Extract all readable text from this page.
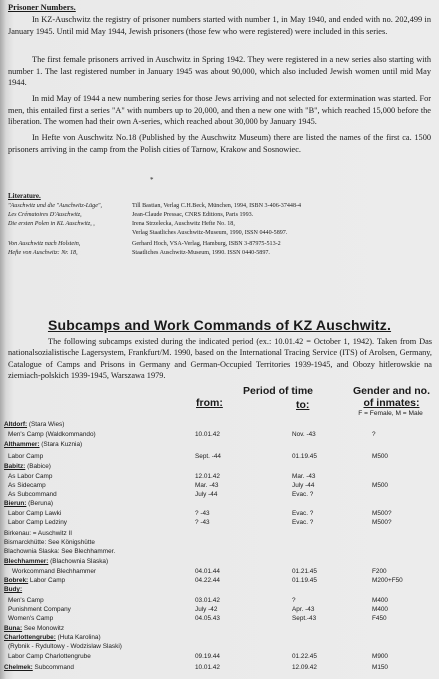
Prisoner Numbers.
In KZ-Auschwitz the registry of prisoner numbers started with number 1, in May 1940, and ended with no. 202,499 in January 1945. Until mid May 1944, Jewish prisoners (those few who were registered) were included in this series.
The first female prisoners arrived in Auschwitz in Spring 1942. They were registered in a new series also starting with number 1. The last registered number in January 1945 was about 90,000, which also included Jewish women until mid May 1944.
In mid May of 1944 a new numbering series for those Jews arriving and not selected for extermination was started. For men, this entailed first a series "A" with numbers up to 20,000, and then a new one with "B", which reached 15,000 before the liberation. The women had their own A-series, which reached about 30,000 by January 1945.
In Hefte von Auschwitz No.18 (Published by the Auschwitz Museum) there are listed the names of the first ca. 1500 prisoners arriving in the camp from the Polish cities of Tarnow, Krakow and Sosnowiec.
*
Literature.
"Auschwitz und die "Auschwitz-Lüge",	Till Bastian, Verlag C.H.Beck, München, 1994, ISBN 3-406-37448-4
Les Crématoires D'Auschwitz,	Jean-Claude Pressac, CNRS Editions, Paris 1993.
Die ersten Polen in KL Auschwitz, ,	Irena Strzelecka, Auschwitz Hefte No. 18,
Verlag Staatliches Auschwitz-Museum, 1990, ISSN 0440-5897.
Von Auschwitz nach Holstein,	Gerhard Hoch, VSA-Verlag, Hamburg, ISBN 3-87975-513-2
Hefte von Auschwitz: Nr. 18,	Staatliches Auschwitz-Museum, 1990. ISSN 0440-5897.
Subcamps and Work Commands of KZ Auschwitz.
The following subcamps existed during the indicated period (ex.: 10.01.42 = October 1, 1942). Taken from Das nationalsozialistische Lagersystem, Frankfurt/M. 1990, based on the International Tracing Service (ITS) of Arolsen, Germany, Catalogue of Camps and Prisons in Germany and German-Occupied Territories 1939-1945, and Obozy hitlerowskie na ziemiach-polskich 1939-1945, Warszawa 1979.
Period of time
from:	to:
Gender and no.
of inmates:
F = Female, M = Male
Altdorf: (Stara Wies)
Men's Camp (Waldkommando)	10.01.42	Nov. -43	?
Althammer: (Stara Kuznia)
Labor Camp	Sept. -44	01.19.45	M500
Babitz: (Babice)
As Labor Camp	12.01.42	Mar. -43
As Sidecamp	Mar. -43	July -44	M500
As Subcommand	July -44	Evac. ?
Bierun: (Beruna)
Labor Camp Lawki	? -43	Evac. ?	M500?
Labor Camp Ledziny	? -43	Evac. ?	M500?
Birkenau: = Auschwitz II
Bismarckhütte: See Königshütte
Blachownia Slaska: See Blechhammer.
Blechhammer: (Blachownia Slaska)
Workcommand Blechhammer	04.01.44	01.21.45	F200
Bobrek: Labor Camp	04.22.44	01.19.45	M200+F50
Budy:
Men's Camp	03.01.42	?	M400
Punishment Company	July -42	Apr. -43	M400
Women's Camp	04.05.43	Sept.-43	F450
Buna: See Monowitz
Charlottengrube: (Huta Karolina)
(Rybnik - Rydultowy - Wodzislaw Slaski)
Labor Camp Charlottengrube	09.19.44	01.22.45	M900
Chelmek: Subcommand	10.01.42	12.09.42	M150
